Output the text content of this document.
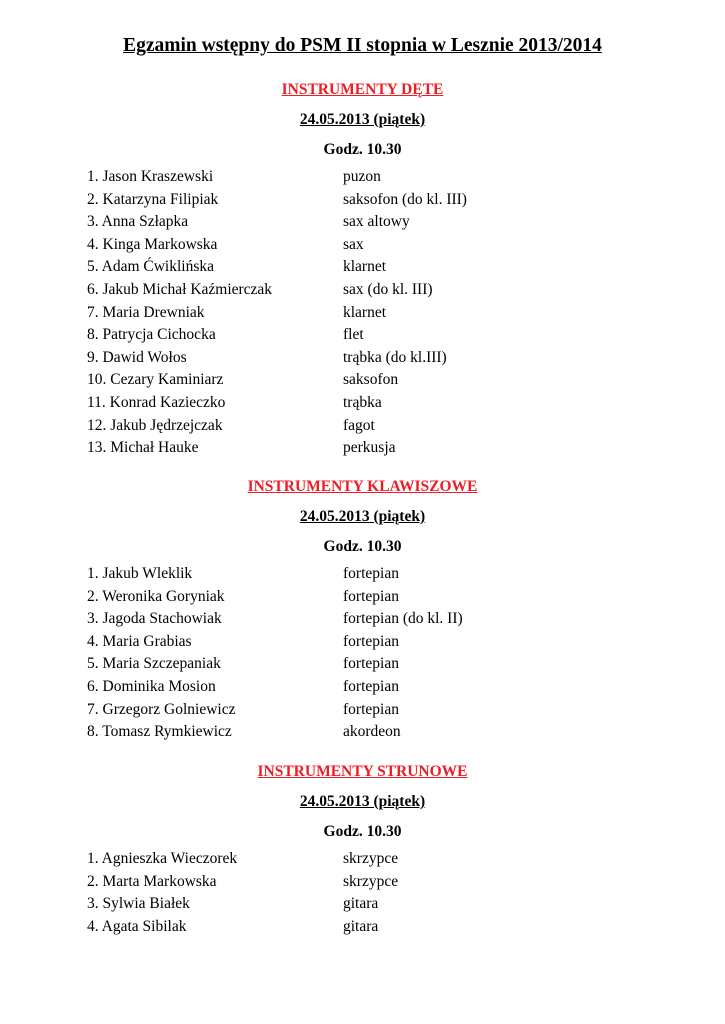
Egzamin wstępny do PSM II stopnia w Lesznie 2013/2014
INSTRUMENTY DĘTE
24.05.2013 (piątek)
Godz. 10.30
1. Jason Kraszewski	puzon
2. Katarzyna Filipiak	saksofon (do kl. III)
3. Anna Szłapka	sax altowy
4. Kinga Markowska	sax
5. Adam Ćwiklińska	klarnet
6. Jakub Michał Kaźmierczak	sax (do kl. III)
7. Maria Drewniak	klarnet
8. Patrycja Cichocka	flet
9. Dawid Wołos	trąbka (do kl.III)
10. Cezary Kaminiarz	saksofon
11. Konrad Kazieczko	trąbka
12. Jakub Jędrzejczak	fagot
13. Michał Hauke	perkusja
INSTRUMENTY KLAWISZOWE
24.05.2013 (piątek)
Godz. 10.30
1. Jakub Wleklik	fortepian
2. Weronika Goryniak	fortepian
3. Jagoda Stachowiak	fortepian (do kl. II)
4. Maria Grabias	fortepian
5. Maria Szczepaniak	fortepian
6. Dominika Mosion	fortepian
7. Grzegorz Golniewicz	fortepian
8. Tomasz Rymkiewicz	akordeon
INSTRUMENTY STRUNOWE
24.05.2013 (piątek)
Godz. 10.30
1. Agnieszka Wieczorek	skrzypce
2. Marta Markowska	skrzypce
3. Sylwia Białek	gitara
4. Agata Sibilak	gitara
